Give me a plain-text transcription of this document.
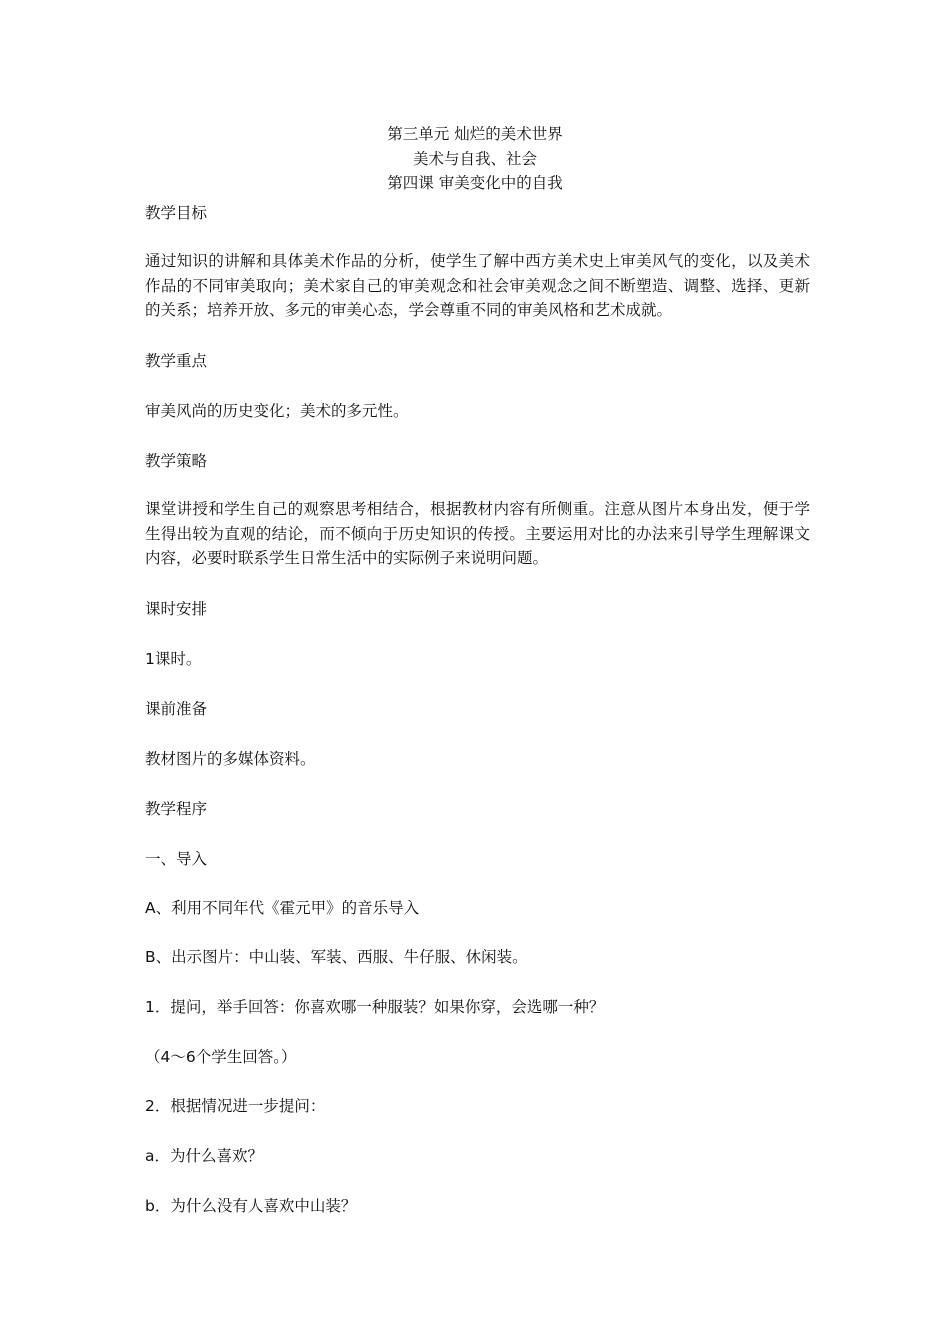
第三单元 灿烂的美术世界
美术与自我、社会
第四课 审美变化中的自我
教学目标
通过知识的讲解和具体美术作品的分析，使学生了解中西方美术史上审美风气的变化，以及美术作品的不同审美取向；美术家自己的审美观念和社会审美观念之间不断塑造、调整、选择、更新的关系；培养开放、多元的审美心态，学会尊重不同的审美风格和艺术成就。
教学重点
审美风尚的历史变化；美术的多元性。
教学策略
课堂讲授和学生自己的观察思考相结合，根据教材内容有所侧重。注意从图片本身出发，便于学生得出较为直观的结论，而不倾向于历史知识的传授。主要运用对比的办法来引导学生理解课文内容，必要时联系学生日常生活中的实际例子来说明问题。
课时安排
1课时。
课前准备
教材图片的多媒体资料。
教学程序
一、导入
A、利用不同年代《霍元甲》的音乐导入
B、出示图片：中山装、军装、西服、牛仔服、休闲装。
1．提问，举手回答：你喜欢哪一种服装？如果你穿，会选哪一种？
（4～6个学生回答。）
2．根据情况进一步提问：
a．为什么喜欢？
b．为什么没有人喜欢中山装？
